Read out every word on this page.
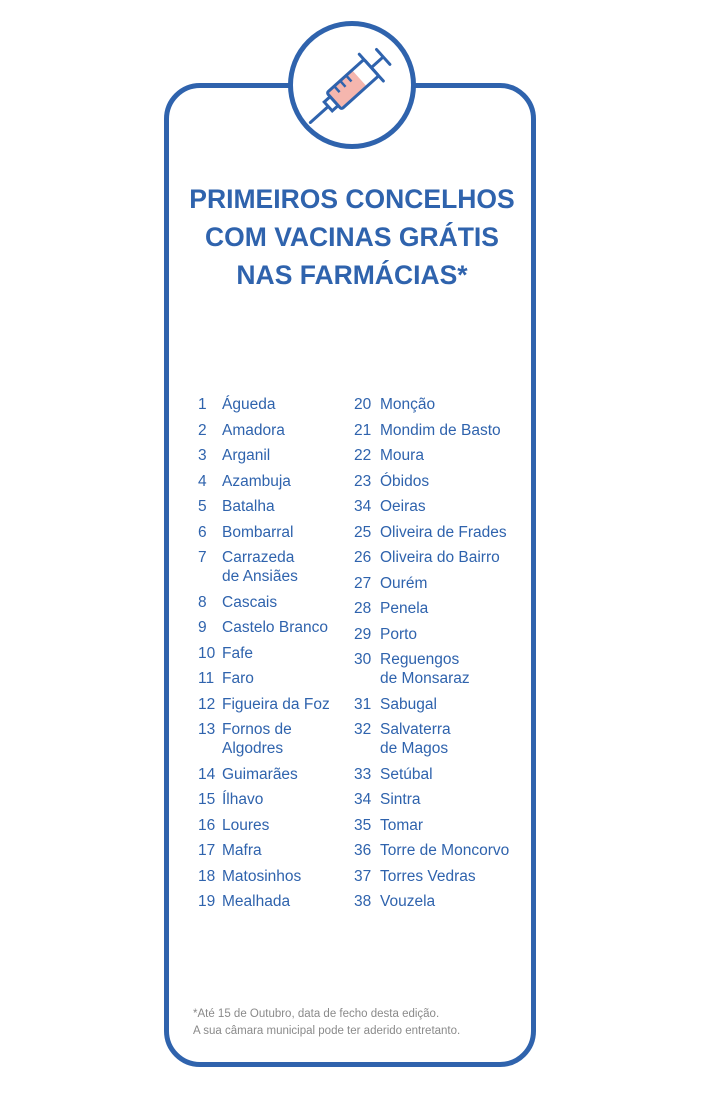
PRIMEIROS CONCELHOS
COM VACINAS GRÁTIS
NAS FARMÁCIAS*
1 Águeda
2 Amadora
3 Arganil
4 Azambuja
5 Batalha
6 Bombarral
7 Carrazeda
de Ansiães
8 Cascais
9 Castelo Branco
10 Fafe
11 Faro
12 Figueira da Foz
13 Fornos de
Algodres
14 Guimarães
15 Ílhavo
16 Loures
17 Mafra
18 Matosinhos
19 Mealhada
20 Monção
21 Mondim de Basto
22 Moura
23 Óbidos
34 Oeiras
25 Oliveira de Frades
26 Oliveira do Bairro
27 Ourém
28 Penela
29 Porto
30 Reguengos
de Monsaraz
31 Sabugal
32 Salvaterra
de Magos
33 Setúbal
34 Sintra
35 Tomar
36 Torre de Moncorvo
37 Torres Vedras
38 Vouzela
*Até 15 de Outubro, data de fecho desta edição.
A sua câmara municipal pode ter aderido entretanto.
